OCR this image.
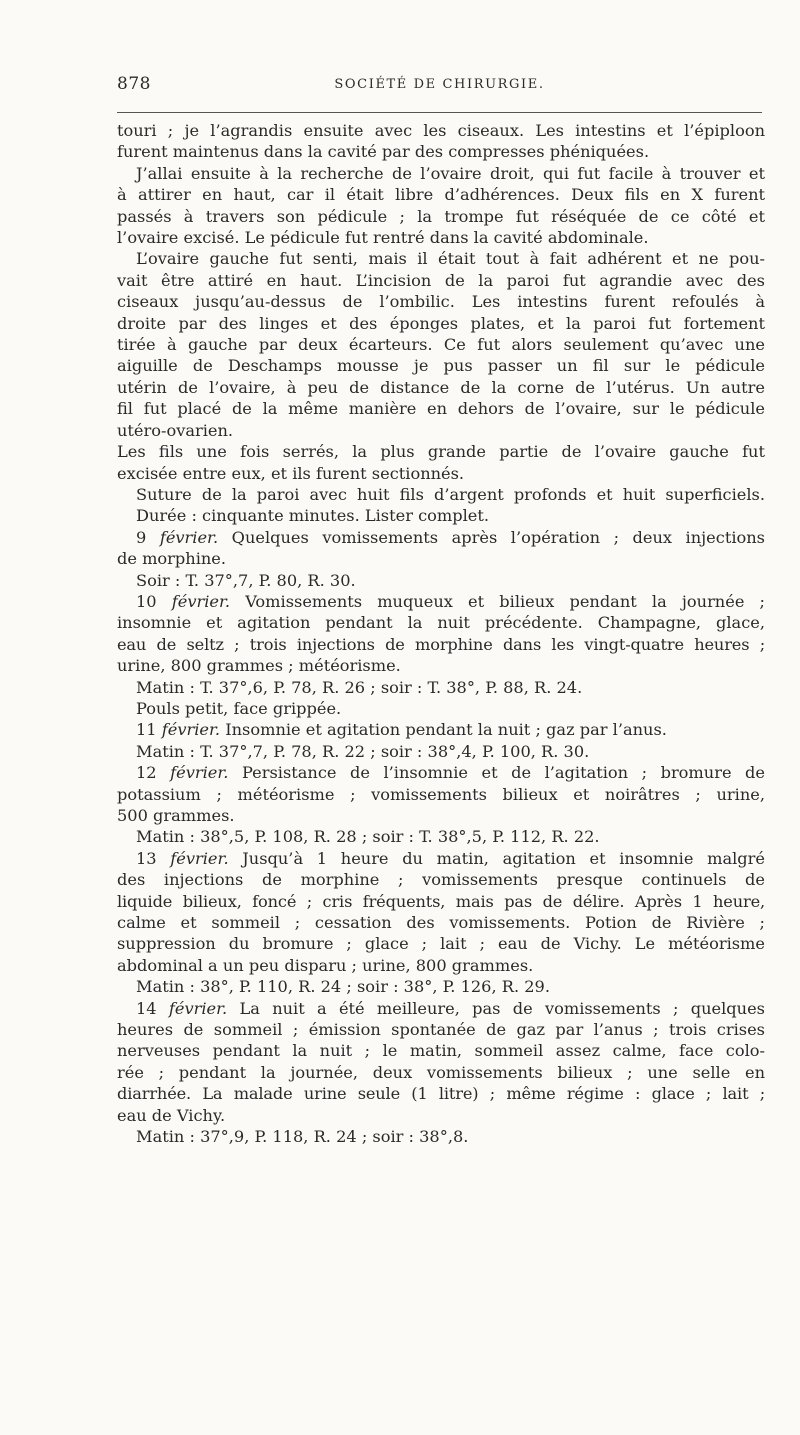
878	SOCIÉTÉ DE CHIRURGIE.
touri ; je l’agrandis ensuite avec les ciseaux. Les intestins et l’épiploon
furent maintenus dans la cavité par des compresses phéniquées.
J’allai ensuite à la recherche de l’ovaire droit, qui fut facile à trouver et
à attirer en haut, car il était libre d’adhérences. Deux fils en X furent
passés à travers son pédicule ; la trompe fut réséquée de ce côté et
l’ovaire excisé. Le pédicule fut rentré dans la cavité abdominale.
L’ovaire gauche fut senti, mais il était tout à fait adhérent et ne pou-
vait être attiré en haut. L’incision de la paroi fut agrandie avec des
ciseaux jusqu’au-dessus de l’ombilic. Les intestins furent refoulés à
droite par des linges et des éponges plates, et la paroi fut fortement
tirée à gauche par deux écarteurs. Ce fut alors seulement qu’avec une
aiguille de Deschamps mousse je pus passer un fil sur le pédicule
utérin de l’ovaire, à peu de distance de la corne de l’utérus. Un autre
fil fut placé de la même manière en dehors de l’ovaire, sur le pédicule
utéro-ovarien.
Les fils une fois serrés, la plus grande partie de l’ovaire gauche fut
excisée entre eux, et ils furent sectionnés.
Suture de la paroi avec huit fils d’argent profonds et huit superficiels.
Durée : cinquante minutes. Lister complet.
9 février. Quelques vomissements après l’opération ; deux injections
de morphine.
Soir : T. 37°,7, P. 80, R. 30.
10 février. Vomissements muqueux et bilieux pendant la journée ;
insomnie et agitation pendant la nuit précédente. Champagne, glace,
eau de seltz ; trois injections de morphine dans les vingt-quatre heures ;
urine, 800 grammes ; météorisme.
Matin : T. 37°,6, P. 78, R. 26 ; soir : T. 38°, P. 88, R. 24.
Pouls petit, face grippée.
11 février. Insomnie et agitation pendant la nuit ; gaz par l’anus.
Matin : T. 37°,7, P. 78, R. 22 ; soir : 38°,4, P. 100, R. 30.
12 février. Persistance de l’insomnie et de l’agitation ; bromure de
potassium ; météorisme ; vomissements bilieux et noirâtres ; urine,
500 grammes.
Matin : 38°,5, P. 108, R. 28 ; soir : T. 38°,5, P. 112, R. 22.
13 février. Jusqu’à 1 heure du matin, agitation et insomnie malgré
des injections de morphine ; vomissements presque continuels de
liquide bilieux, foncé ; cris fréquents, mais pas de délire. Après 1 heure,
calme et sommeil ; cessation des vomissements. Potion de Rivière ;
suppression du bromure ; glace ; lait ; eau de Vichy. Le météorisme
abdominal a un peu disparu ; urine, 800 grammes.
Matin : 38°, P. 110, R. 24 ; soir : 38°, P. 126, R. 29.
14 février. La nuit a été meilleure, pas de vomissements ; quelques
heures de sommeil ; émission spontanée de gaz par l’anus ; trois crises
nerveuses pendant la nuit ; le matin, sommeil assez calme, face colo-
rée ; pendant la journée, deux vomissements bilieux ; une selle en
diarrhée. La malade urine seule (1 litre) ; même régime : glace ; lait ;
eau de Vichy.
Matin : 37°,9, P. 118, R. 24 ; soir : 38°,8.
